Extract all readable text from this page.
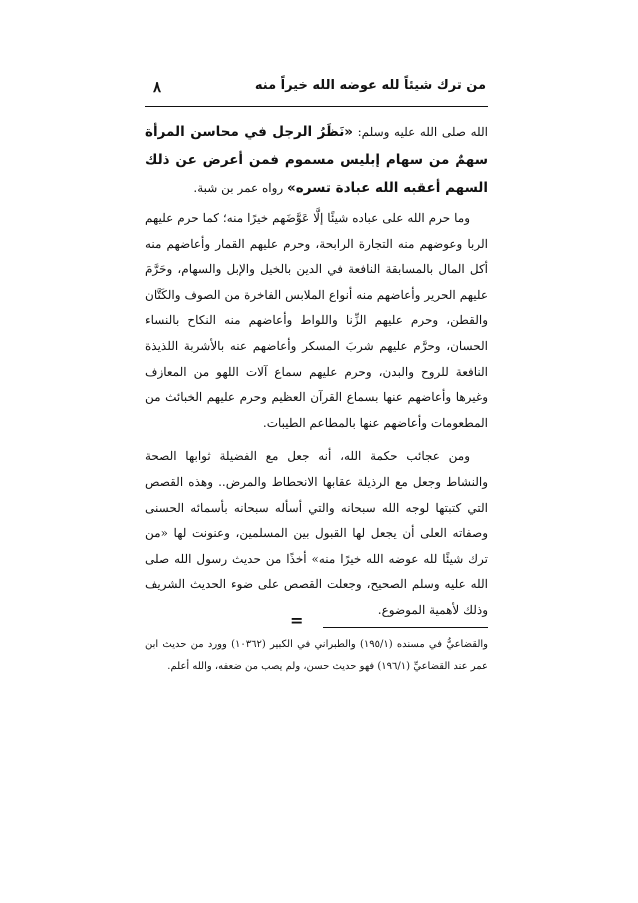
من ترك شيئاً لله عوضه الله خيراً منه
٨

الله صلى الله عليه وسلم: «نَظَرُ الرجل في محاسن المرأة سهمٌ من سهام إبليس مسموم فمن أعرض عن ذلك السهم أعقبه الله عبادة تسره» رواه عمر بن شبة.

وما حرم الله على عباده شيئًا إلَّا عَوَّضَهم خيرًا منه؛ كما حرم عليهم الربا وعوضهم منه التجارة الرابحة، وحرم عليهم القمار وأعاضهم منه أكل المال بالمسابقة النافعة في الدين بالخيل والإبل والسهام، وحَرَّمَ عليهم الحرير وأعاضهم منه أنواع الملابس الفاخرة من الصوف والكَتَّان والقطن، وحرم عليهم الزِّنا واللواط وأعاضهم منه النكاح بالنساء الحسان، وحرَّم عليهم شربَ المسكر وأعاضهم عنه بالأشربة اللذيذة النافعة للروح والبدن، وحرم عليهم سماع آلات اللهو من المعازف وغيرها وأعاضهم عنها بسماع القرآن العظيم وحرم عليهم الخبائث من المطعومات وأعاضهم عنها بالمطاعم الطيبات.

ومن عجائب حكمة الله، أنه جعل مع الفضيلة ثوابها الصحة والنشاط وجعل مع الرذيلة عقابها الانحطاط والمرض.. وهذه القصص التي كتبتها لوجه الله سبحانه والتي أسأله سبحانه بأسمائه الحسنى وصفاته العلى أن يجعل لها القبول بين المسلمين، وعنونت لها «من ترك شيئًا لله عوضه الله خيرًا منه» أخذًا من حديث رسول الله صلى الله عليه وسلم الصحيح، وجعلت القصص على ضوء الحديث الشريف وذلك لأهمية الموضوع.

=
والقضاعيُّ في مسنده (١٩٥/١) والطبراني في الكبير (١٠٣٦٢) وورد من حديث ابن عمر عند القضاعيِّ (١٩٦/١) فهو حديث حسن، ولم يصب من ضعفه، والله أعلم.
